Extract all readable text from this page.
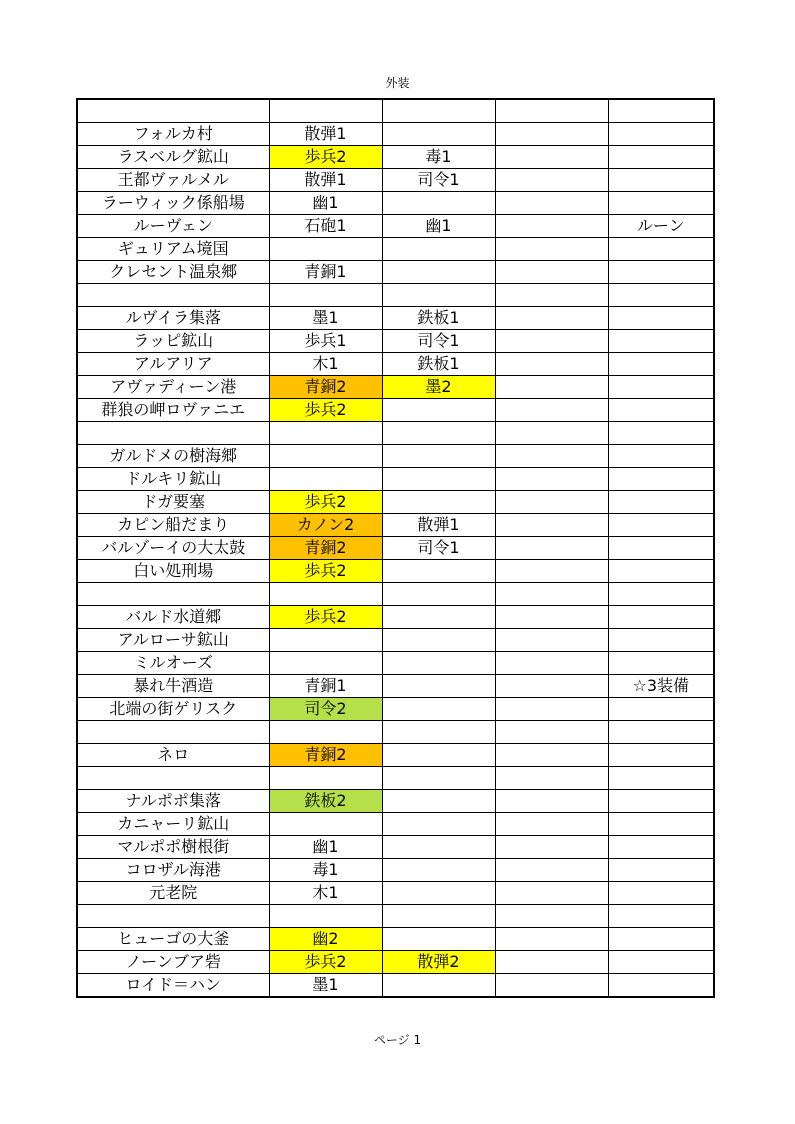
外装

フォルカ村	散弾1			
ラスベルグ鉱山	歩兵2	毒1		
王都ヴァルメル	散弾1	司令1		
ラーウィック係船場	幽1			
ルーヴェン	石砲1	幽1		ルーン
ギュリアム境国				
クレセント温泉郷	青銅1			

ルヴイラ集落	墨1	鉄板1		
ラッピ鉱山	歩兵1	司令1		
アルアリア	木1	鉄板1		
アヴァディーン港	青銅2	墨2		
群狼の岬ロヴァニエ	歩兵2			

ガルドメの樹海郷				
ドルキリ鉱山				
ドガ要塞	歩兵2			
カピン船だまり	カノン2	散弾1		
バルゾーイの大太鼓	青銅2	司令1		
白い処刑場	歩兵2			

バルド水道郷	歩兵2			
アルローサ鉱山				
ミルオーズ				
暴れ牛酒造	青銅1			☆3装備
北端の街ゲリスク	司令2			

ネロ	青銅2			

ナルポポ集落	鉄板2			
カニャーリ鉱山				
マルポポ樹根街	幽1			
コロザル海港	毒1			
元老院	木1			

ヒューゴの大釜	幽2			
ノーンブア砦	歩兵2	散弾2		
ロイド＝ハン	墨1			
ページ 1
